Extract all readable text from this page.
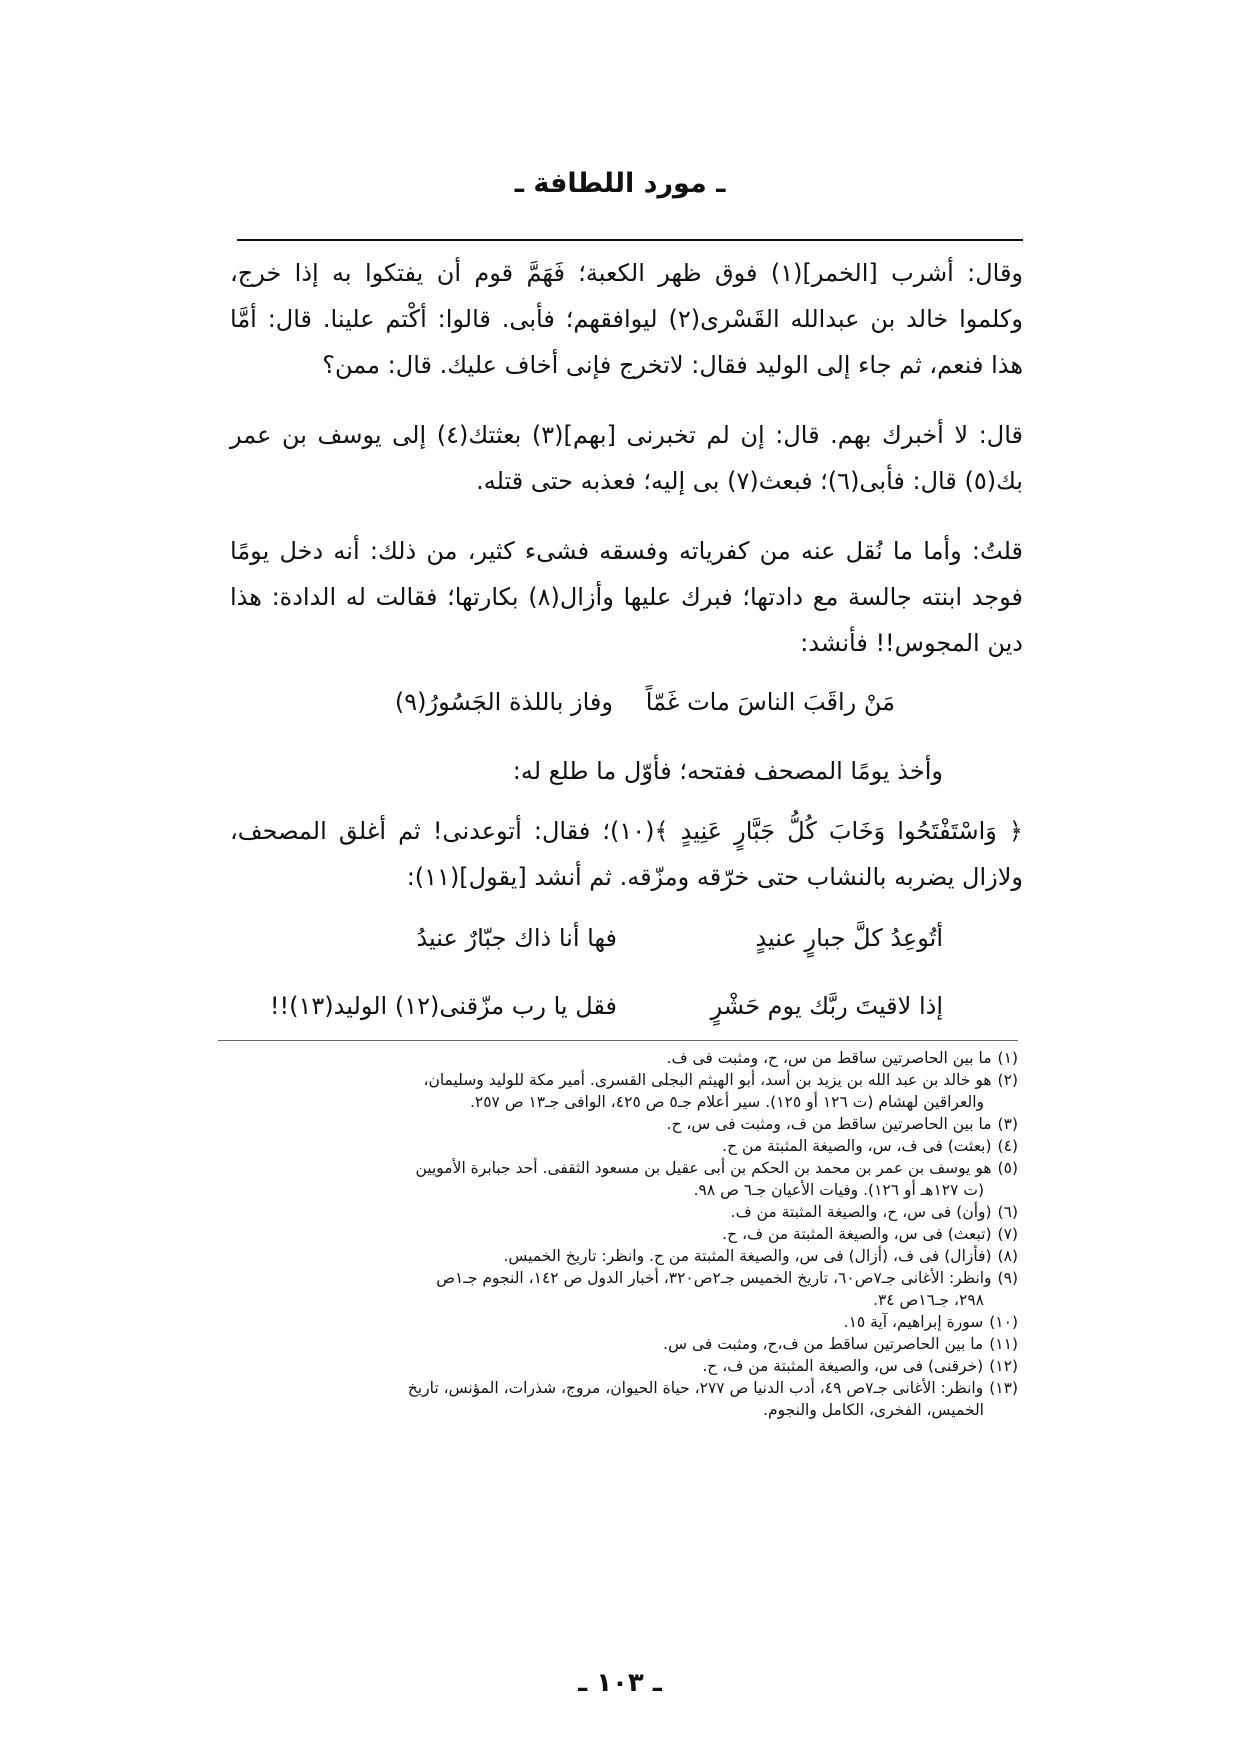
ـ مورد اللطافة ـ
وقال: أشرب [الخمر](١) فوق ظهر الكعبة؛ فَهَمَّ قوم أن يفتكوا به إذا خرج، وكلموا خالد بن عبدالله القَسْرى(٢) ليوافقهم؛ فأبى. قالوا: أكْتم علينا. قال: أمَّا هذا فنعم، ثم جاء إلى الوليد فقال: لاتخرج فإنى أخاف عليك. قال: ممن؟
قال: لا أخبرك بهم. قال: إن لم تخبرنى [بهم](٣) بعثتك(٤) إلى يوسف بن عمر بك(٥) قال: فأبى(٦)؛ فبعث(٧) بى إليه؛ فعذبه حتى قتله.
قلتُ: وأما ما نُقل عنه من كفرياته وفسقه فشىء كثير، من ذلك: أنه دخل يومًا فوجد ابنته جالسة مع دادتها؛ فبرك عليها وأزال(٨) بكارتها؛ فقالت له الدادة: هذا دين المجوس!! فأنشد:
مَنْ راقَبَ الناسَ مات غَمّاً
وفاز باللذة الجَسُورُ(٩)
وأخذ يومًا المصحف ففتحه؛ فأوّل ما طلع له:
﴿ وَاسْتَفْتَحُوا وَخَابَ كُلُّ جَبَّارٍ عَنِيدٍ ﴾(١٠)؛ فقال: أتوعدنى! ثم أغلق المصحف، ولازال يضربه بالنشاب حتى خرّقه ومزّقه. ثم أنشد [يقول](١١):
أتُوعِدُ كلَّ جبارٍ عنيدٍ
فها أنا ذاك جبّارٌ عنيدُ
إذا لاقيتَ ربَّك يوم حَشْرٍ
فقل يا رب مزّقنى(١٢) الوليد(١٣)!!

(١)ما بين الحاصرتين ساقط من س، ح، ومثبت فى ف.

(٢)هو خالد بن عبد الله بن يزيد بن أسد، أبو الهيثم البجلى القسرى. أمير مكة للوليد وسليمان،
والعراقين لهشام (ت ١٢٦ أو ١٢٥). سير أعلام جـ٥ ص ٤٢٥، الوافى جـ١٣ ص ٢٥٧.

(٣)ما بين الحاصرتين ساقط من ف، ومثبت فى س، ح.

(٤)(بعثت) فى ف، س، والصيغة المثبتة من ح.

(٥)هو يوسف بن عمر بن محمد بن الحكم بن أبى عقيل بن مسعود الثقفى. أحد جبابرة الأمويين
(ت ١٢٧هـ أو ١٢٦). وفيات الأعيان جـ٦ ص ٩٨.

(٦)(وأن) فى س، ح، والصيغة المثبتة من ف.

(٧)(تبعث) فى س، والصيغة المثبتة من ف، ح.

(٨)(فأزال) فى ف، (أزال) فى س، والصيغة المثبتة من ح. وانظر: تاريخ الخميس.

(٩)وانظر: الأغانى جـ٧ص٦٠، تاريخ الخميس جـ٢ص٣٢٠، أخبار الدول ص ١٤٢، النجوم جـ١ص
٢٩٨، جـ١٦ص ٣٤.

(١٠)سورة إبراهيم، آية ١٥.

(١١)ما بين الحاصرتين ساقط من ف،ح، ومثبت فى س.

(١٢)(خرقنى) فى س، والصيغة المثبتة من ف، ح.

(١٣)وانظر: الأغانى جـ٧ص ٤٩، أدب الدنيا ص ٢٧٧، حياة الحيوان، مروج، شذرات، المؤنس، تاريخ
الخميس، الفخرى، الكامل والنجوم.

ـ ١٠٣ ـ
